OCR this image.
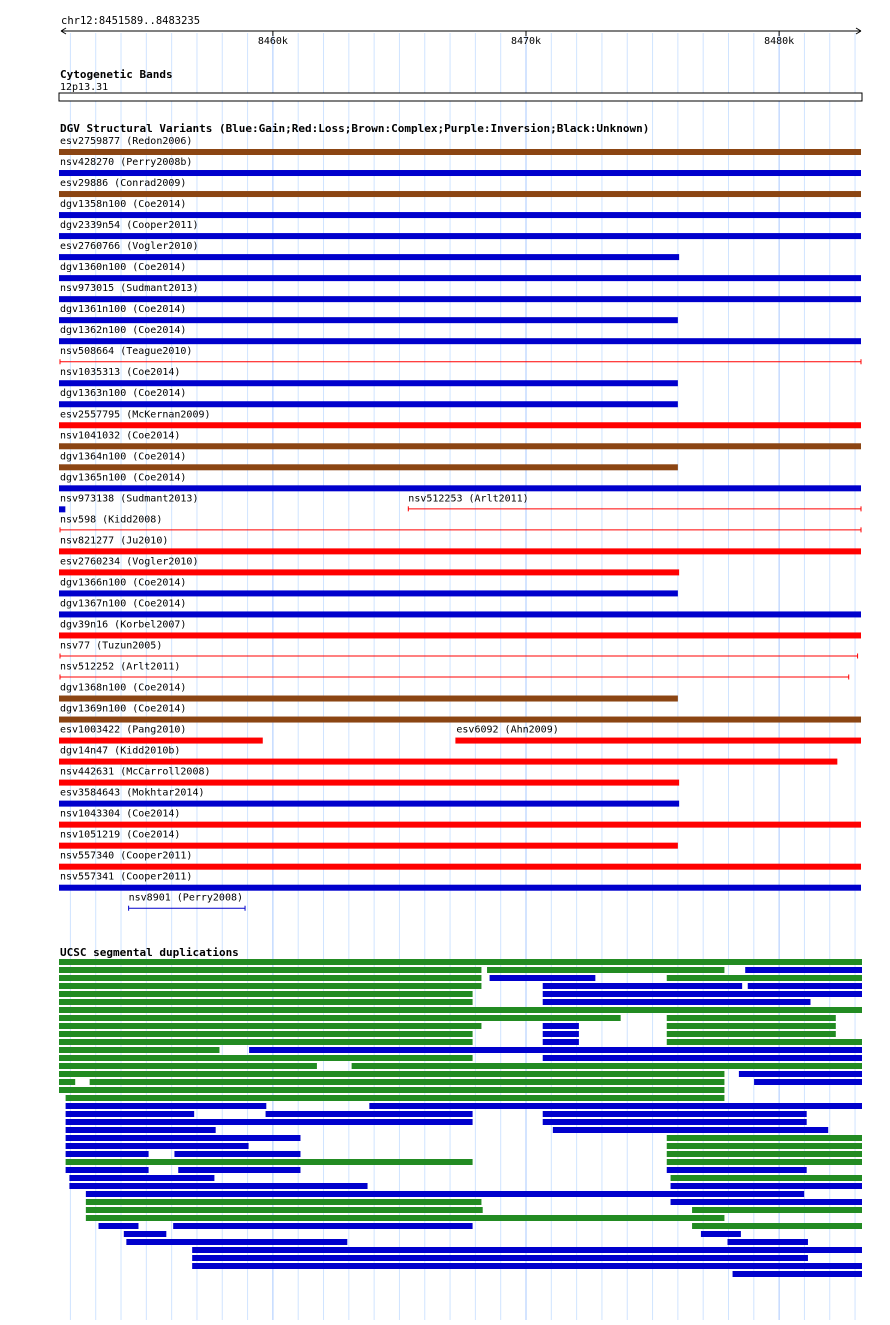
chr12:8451589..8483235
8460k	8470k	8480k
Cytogenetic Bands
12p13.31
DGV Structural Variants (Blue:Gain;Red:Loss;Brown:Complex;Purple:Inversion;Black:Unknown)
esv2759877 (Redon2006)
nsv428270 (Perry2008b)
esv29886 (Conrad2009)
dgv1358n100 (Coe2014)
dgv2339n54 (Cooper2011)
esv2760766 (Vogler2010)
dgv1360n100 (Coe2014)
nsv973015 (Sudmant2013)
dgv1361n100 (Coe2014)
dgv1362n100 (Coe2014)
nsv508664 (Teague2010)
nsv1035313 (Coe2014)
dgv1363n100 (Coe2014)
esv2557795 (McKernan2009)
nsv1041032 (Coe2014)
dgv1364n100 (Coe2014)
dgv1365n100 (Coe2014)
nsv973138 (Sudmant2013)	nsv512253 (Arlt2011)
nsv598 (Kidd2008)
nsv821277 (Ju2010)
esv2760234 (Vogler2010)
dgv1366n100 (Coe2014)
dgv1367n100 (Coe2014)
dgv39n16 (Korbel2007)
nsv77 (Tuzun2005)
nsv512252 (Arlt2011)
dgv1368n100 (Coe2014)
dgv1369n100 (Coe2014)
esv1003422 (Pang2010)	esv6092 (Ahn2009)
dgv14n47 (Kidd2010b)
nsv442631 (McCarroll2008)
esv3584643 (Mokhtar2014)
nsv1043304 (Coe2014)
nsv1051219 (Coe2014)
nsv557340 (Cooper2011)
nsv557341 (Cooper2011)
nsv8901 (Perry2008)
UCSC segmental duplications
